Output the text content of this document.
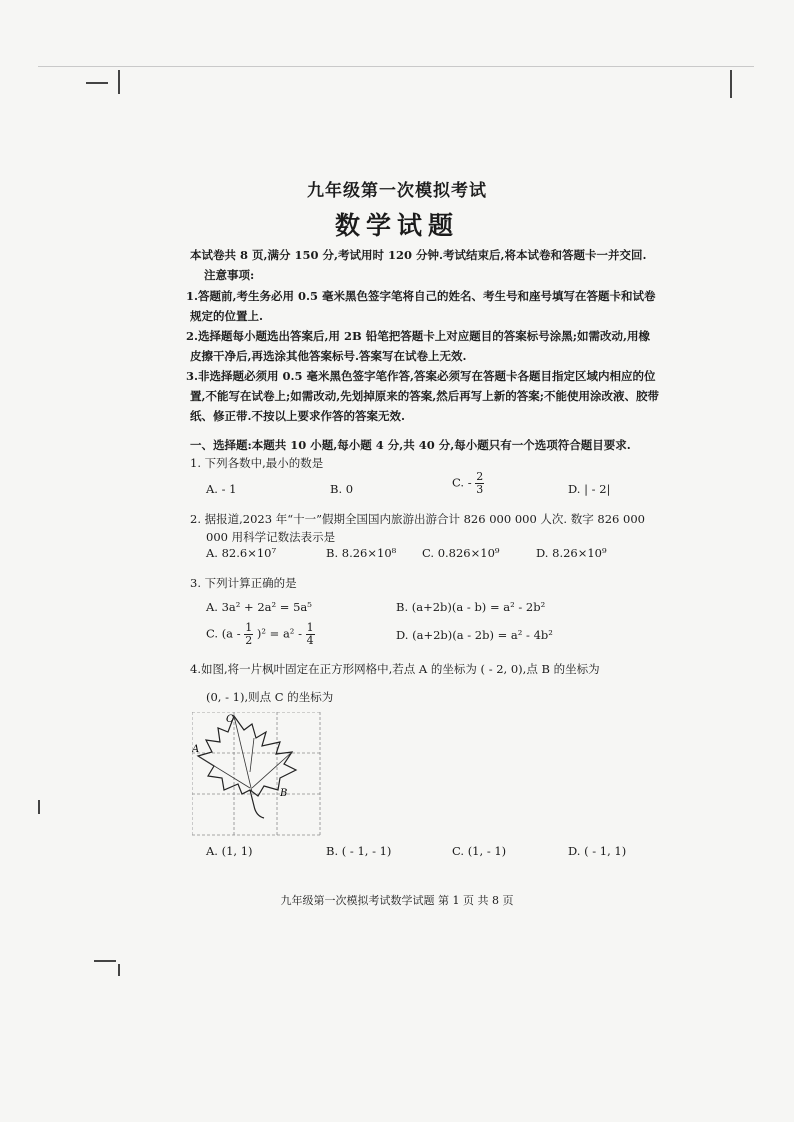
九年级第一次模拟考试
数学试题
本试卷共 8 页,满分 150 分,考试用时 120 分钟.考试结束后,将本试卷和答题卡一并交回.
注意事项:
1.答题前,考生务必用 0.5 毫米黑色签字笔将自己的姓名、考生号和座号填写在答题卡和试卷规定的位置上.
2.选择题每小题选出答案后,用 2B 铅笔把答题卡上对应题目的答案标号涂黑;如需改动,用橡皮擦干净后,再选涂其他答案标号.答案写在试卷上无效.
3.非选择题必须用 0.5 毫米黑色签字笔作答,答案必须写在答题卡各题目指定区域内相应的位置,不能写在试卷上;如需改动,先划掉原来的答案,然后再写上新的答案;不能使用涂改液、胶带纸、修正带.不按以上要求作答的答案无效.
一、选择题:本题共 10 小题,每小题 4 分,共 40 分,每小题只有一个选项符合题目要求.
1. 下列各数中,最小的数是
A. - 1	B. 0	C. - $\frac{2}{3}$	D. | - 2|
2. 据报道,2023 年“十一”假期全国国内旅游出游合计 826 000 000 人次. 数字 826 000
000 用科学记数法表示是
A. 82.6×10⁷	B. 8.26×10⁸ C. 0.826×10⁹	D. 8.26×10⁹
3. 下列计算正确的是
A. 3a² + 2a² = 5a⁵	B. (a+2b)(a - b) = a² - 2b²
C. $(a - \frac{1}{2} )^2 = a^2 - \frac{1}{4}$	D. (a+2b)(a - 2b) = a² - 4b²
4.如图,将一片枫叶固定在正方形网格中,若点 A 的坐标为 ( - 2, 0),点 B 的坐标为
(0, - 1),则点 C 的坐标为
A
B
C
A. (1, 1)	B. ( - 1, - 1)	C. (1, - 1)	D. ( - 1, 1)
九年级第一次模拟考试数学试题 第 1 页 共 8 页
